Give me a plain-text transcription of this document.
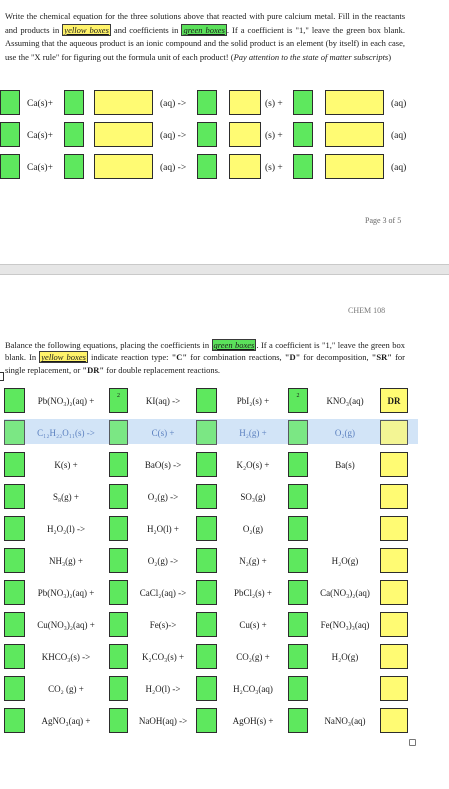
Write the chemical equation for the three solutions above that reacted with pure calcium metal. Fill in the reactants and products in yellow boxes and coefficients in green boxes . If a coefficient is "1," leave the green box blank. Assuming that the aqueous product is an ionic compound and the solid product is an element (by itself) in each case, use the "X rule" for figuring out the formula unit of each product! (Pay attention to the state of matter subscripts)
Ca(s)+	(aq) ->	(s) +	(aq)
Ca(s)+	(aq) ->	(s) +	(aq)
Ca(s)+	(aq) ->	(s) +	(aq)
Page 3 of 5
CHEM 108
Balance the following equations, placing the coefficients in green boxes . If a coefficient is "1," leave the green box blank. In yellow boxes indicate reaction type: "C" for combination reactions, "D" for decomposition, "SR" for single replacement, or "DR" for double replacement reactions.
Pb(NO₃)₂(aq) +	2	KI(aq) ->	PbI₂(s) +	2	KNO₃(aq)	DR
C₁₂H₂₂O₁₁(s) ->	C(s) +	H₂(g) +	O₂(g)
K(s) +	BaO(s) ->	K₂O(s) +	Ba(s)
S₈(g) +	O₂(g) ->	SO₃(g)
H₂O₂(l) ->	H₂O(l) +	O₂(g)
NH₃(g) +	O₂(g) ->	N₂(g) +	H₂O(g)
Pb(NO₃)₂(aq) +	CaCl₂(aq) ->	PbCl₂(s) +	Ca(NO₃)₂(aq)
Cu(NO₃)₂(aq) +	Fe(s)->	Cu(s) +	Fe(NO₃)₃(aq)
KHCO₃(s) ->	K₂CO₃(s) +	CO₂(g) +	H₂O(g)
CO₂ (g) +	H₂O(l) ->	H₂CO₃(aq)
AgNO₃(aq) +	NaOH(aq) ->	AgOH(s) +	NaNO₃(aq)
